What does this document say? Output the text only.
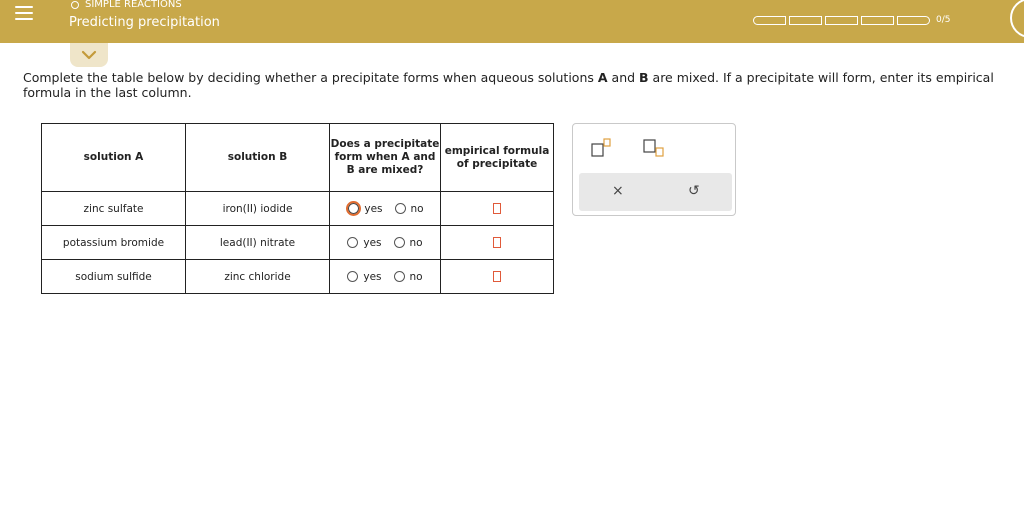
SIMPLE REACTIONS
Predicting precipitation	0/5
Complete the table below by deciding whether a precipitate forms when aqueous solutions A and B are mixed. If a precipitate will form, enter its empirical formula in the last column.
solution A	solution B	Does a precipitate form when A and B are mixed?	empirical formula of precipitate
zinc sulfate	iron(II) iodide	yes no	

potassium bromide	lead(II) nitrate	yes no	

sodium sulfide	zinc chloride	yes no	

×	↺
